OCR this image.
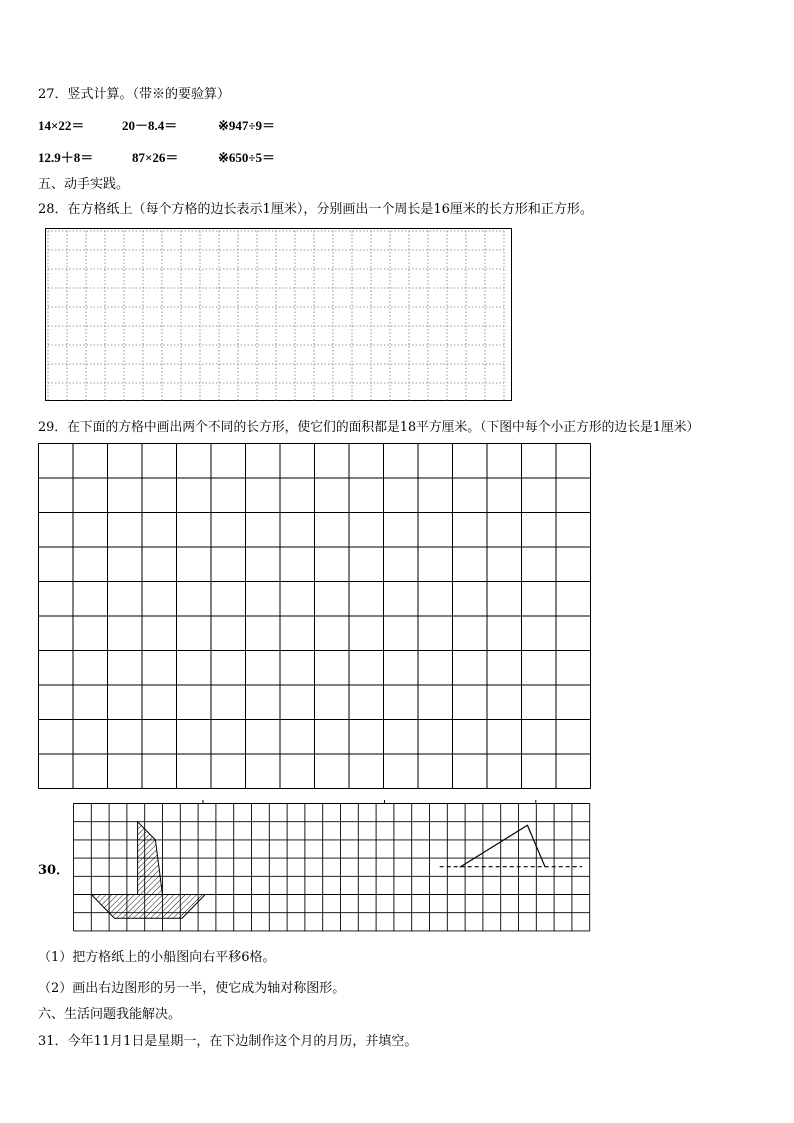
27．竖式计算。（带※的要验算）
14×22＝	20－8.4＝	※947÷9＝
12.9＋8＝	87×26＝	※650÷5＝
五、动手实践。
28．在方格纸上（每个方格的边长表示1厘米），分别画出一个周长是16厘米的长方形和正方形。
29．在下面的方格中画出两个不同的长方形，使它们的面积都是18平方厘米。（下图中每个小正方形的边长是1厘米）
30．
（1）把方格纸上的小船图向右平移6格。
（2）画出右边图形的另一半，使它成为轴对称图形。
六、生活问题我能解决。
31．今年11月1日是星期一，在下边制作这个月的月历，并填空。
